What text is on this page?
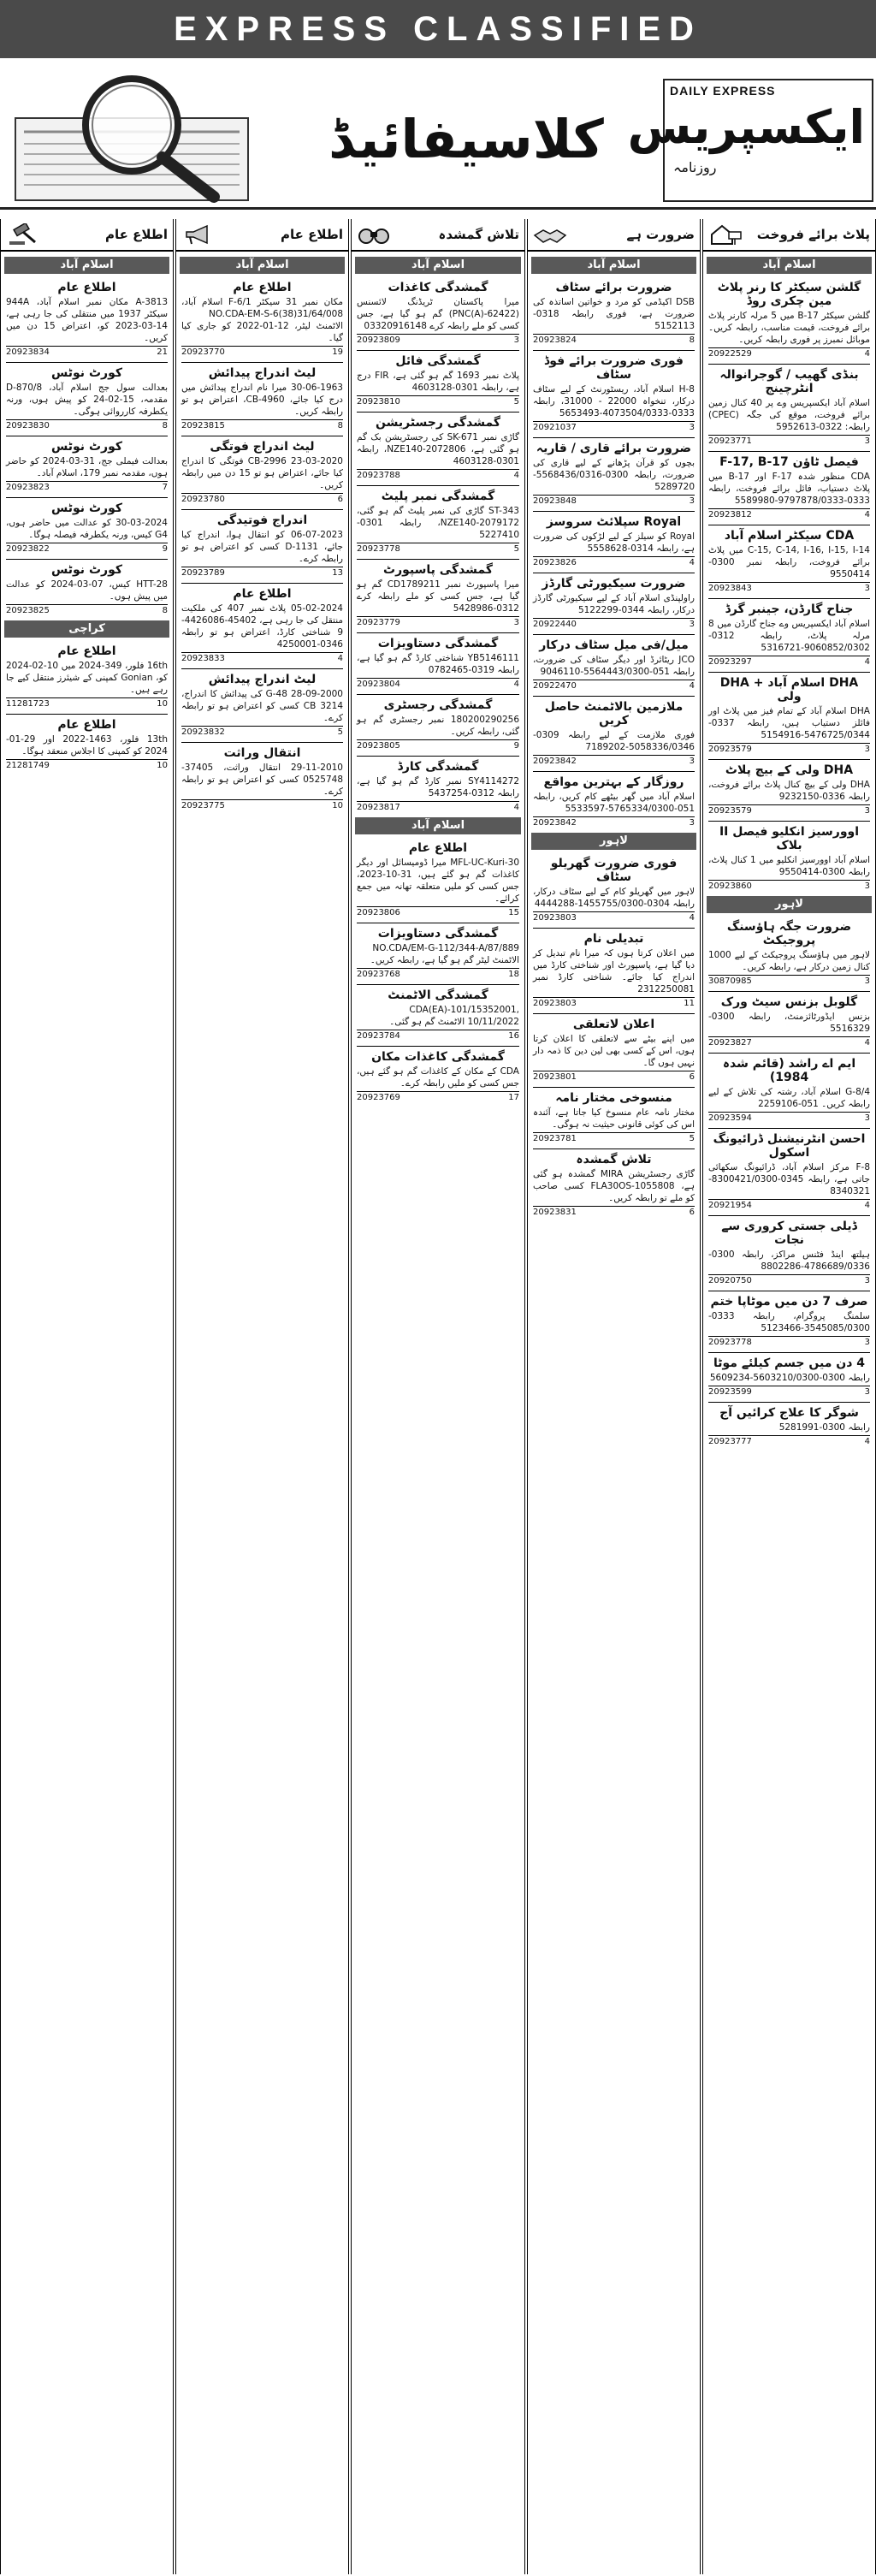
EXPRESS CLASSIFIED
کلاسیفائیڈ
DAILY EXPRESS
ایکسپریس
روزنامہ
اطلاع عام
اسلام آباد
اطلاع عام
A-3813 مکان نمبر اسلام آباد، 944A سیکٹر 1937 میں منتقلی کی جا رہی ہے، 14-03-2023 کو، اعتراض 15 دن میں کریں۔
20923834	21
کورٹ نوٹس
بعدالت سول جج اسلام آباد، D-870/8 مقدمہ، 15-02-24 کو پیش ہوں، ورنہ یکطرفہ کارروائی ہوگی۔
20923830	8
کورٹ نوٹس
بعدالت فیملی جج، 31-03-2024 کو حاضر ہوں، مقدمہ نمبر 179، اسلام آباد۔
20923823	7
کورٹ نوٹس
30-03-2024 کو عدالت میں حاضر ہوں، G4 کیس، ورنہ یکطرفہ فیصلہ ہوگا۔
20923822	9
کورٹ نوٹس
HTT-28 کیس، 07-03-2024 کو عدالت میں پیش ہوں۔
20923825	8
کراچی
اطلاع عام
16th فلور، 349-2024 میں 10-02-2024 کو، Gonian کمپنی کے شیئرز منتقل کیے جا رہے ہیں۔
11281723	10
اطلاع عام
13th فلور، 1463-2022 اور 29-01-2024 کو کمپنی کا اجلاس منعقد ہوگا۔
21281749	10
اطلاع عام
اسلام آباد
اطلاع عام
مکان نمبر 31 سیکٹر F-6/1 اسلام آباد، NO.CDA-EM-S-6(38)31/64/008 الاٹمنٹ لیٹر، 12-01-2022 کو جاری کیا گیا۔
20923770	19
لیٹ اندراج پیدائش
30-06-1963 میرا نام اندراج پیدائش میں درج کیا جائے، CB-4960، اعتراض ہو تو رابطہ کریں۔
20923815	8
لیٹ اندراج فوتگی
23-03-2020 CB-2996 فوتگی کا اندراج کیا جائے، اعتراض ہو تو 15 دن میں رابطہ کریں۔
20923780	6
اندراج فوتیدگی
06-07-2023 کو انتقال ہوا، اندراج کیا جائے، D-1131 کسی کو اعتراض ہو تو رابطہ کرے۔
20923789	13
اطلاع عام
05-02-2024 پلاٹ نمبر 407 کی ملکیت منتقل کی جا رہی ہے، 45402-4426086-9 شناختی کارڈ، اعتراض ہو تو رابطہ 0346-4250001
20923833	4
لیٹ اندراج پیدائش
28-09-2000 G-48 کی پیدائش کا اندراج، CB 3214 کسی کو اعتراض ہو تو رابطہ کرے۔
20923832	5
انتقال وراثت
29-11-2010 انتقال وراثت، 37405-0525748 کسی کو اعتراض ہو تو رابطہ کرے۔
20923775	10
تلاش گمشدہ
اسلام آباد
گمشدگی کاغذات
میرا پاکستان ٹریڈنگ لائسنس (PNC(A)-62422) گم ہو گیا ہے، جس کسی کو ملے رابطہ کرے 03320916148
20923809	3
گمشدگی فائل
پلاٹ نمبر 1693 گم ہو گئی ہے، FIR درج ہے، رابطہ 0301-4603128
20923810	5
گمشدگی رجسٹریشن
گاڑی نمبر SK-671 کی رجسٹریشن بک گم ہو گئی ہے، NZE140-2072806، رابطہ 0301-4603128
20923788	4
گمشدگی نمبر پلیٹ
ST-343 گاڑی کی نمبر پلیٹ گم ہو گئی، NZE140-2079172، رابطہ 0301-5227410
20923778	5
گمشدگی پاسپورٹ
میرا پاسپورٹ نمبر CD1789211 گم ہو گیا ہے، جس کسی کو ملے رابطہ کرے 0312-5428986
20923779	3
گمشدگی دستاویزات
YB5146111 شناختی کارڈ گم ہو گیا ہے، رابطہ 0319-0782465
20923804	4
گمشدگی رجسٹری
180200290256 نمبر رجسٹری گم ہو گئی، رابطہ کریں۔
20923805	9
گمشدگی کارڈ
SY4114272 نمبر کارڈ گم ہو گیا ہے، رابطہ 0312-5437254
20923817	4
اسلام آباد
اطلاع عام
MFL-UC-Kuri-30 میرا ڈومیسائل اور دیگر کاغذات گم ہو گئے ہیں، 31-10-2023، جس کسی کو ملیں متعلقہ تھانہ میں جمع کرائے۔
20923806	15
گمشدگی دستاویزات
NO.CDA/EM-G-112/344-A/87/889 الاٹمنٹ لیٹر گم ہو گیا ہے، رابطہ کریں۔
20923768	18
گمشدگی الاٹمنٹ
CDA(EA)-101/15352001, 10/11/2022 الاٹمنٹ گم ہو گئی۔
20923784	16
گمشدگی کاغذات مکان
CDA کے مکان کے کاغذات گم ہو گئے ہیں، جس کسی کو ملیں رابطہ کرے۔
20923769	17
ضرورت ہے
اسلام آباد
ضرورت برائے سٹاف
DSB اکیڈمی کو مرد و خواتین اساتذہ کی ضرورت ہے، فوری رابطہ 0318-5152113
20923824	8
فوری ضرورت برائے فوڈ سٹاف
H-8 اسلام آباد، ریسٹورنٹ کے لیے سٹاف درکار، تنخواہ 22000 - 31000، رابطہ 0333-4073504/0333-5653493
20921037	3
ضرورت برائے قاری / قاریہ
بچوں کو قرآن پڑھانے کے لیے قاری کی ضرورت، رابطہ 0300-5568436/0316-5289720
20923848	3
Royal سپلائٹ سروسز
Royal کو سیلز کے لیے لڑکوں کی ضرورت ہے، رابطہ 0314-5558628
20923826	4
ضرورت سیکیورٹی گارڈز
راولپنڈی اسلام آباد کے لیے سیکیورٹی گارڈز درکار، رابطہ 0344-5122299
20922440	3
میل/فی میل سٹاف درکار
JCO ریٹائرڈ اور دیگر سٹاف کی ضرورت، رابطہ 051-5564443/0300-9046110
20922470	4
ملازمین بالاٹمنٹ حاصل کریں
فوری ملازمت کے لیے رابطہ 0309-5058336/0346-7189202
20923842	3
روزگار کے بہترین مواقع
اسلام آباد میں گھر بیٹھے کام کریں، رابطہ 051-5765334/0300-5533597
20923842	3
لاہور
فوری ضرورت گھریلو سٹاف
لاہور میں گھریلو کام کے لیے سٹاف درکار، رابطہ 0304-1455755/0300-4444288
20923803	4
تبدیلی نام
میں اعلان کرتا ہوں کہ میرا نام تبدیل کر دیا گیا ہے، پاسپورٹ اور شناختی کارڈ میں اندراج کیا جائے۔ شناختی کارڈ نمبر 2312250081
20923803	11
اعلان لاتعلقی
میں اپنے بیٹے سے لاتعلقی کا اعلان کرتا ہوں، اس کے کسی بھی لین دین کا ذمہ دار نہیں ہوں گا۔
20923801	6
منسوخی مختار نامہ
مختار نامہ عام منسوخ کیا جاتا ہے، آئندہ اس کی کوئی قانونی حیثیت نہ ہوگی۔
20923781	5
تلاش گمشدہ
گاڑی رجسٹریشن MIRA گمشدہ ہو گئی ہے، FLA30OS-1055808 کسی صاحب کو ملے تو رابطہ کریں۔
20923831	6
پلاٹ برائے فروخت
اسلام آباد
گلشن سیکٹر کا رنر پلاٹ مین چکری روڈ
گلشن سیکٹر B-17 میں 5 مرلہ کارنر پلاٹ برائے فروخت، قیمت مناسب، رابطہ کریں۔ موبائل نمبرز پر فوری رابطہ کریں۔
20922529	4
بنڈی گھیب / گوجرانوالہ انٹرچینج
اسلام آباد ایکسپریس وے پر 40 کنال زمین برائے فروخت، موقع کی جگہ (CPEC) رابطہ: 0322-5952613
20923771	3
فیصل ٹاؤن F-17, B-17
CDA منظور شدہ F-17 اور B-17 میں پلاٹ دستیاب، فائل برائے فروخت، رابطہ 0333-9797878/0333-5589980
20923812	4
CDA سیکٹر اسلام آباد
C-15, C-14, I-16, I-15, I-14 میں پلاٹ برائے فروخت، رابطہ نمبر 0300-9550414
20923843	3
جناح گارڈن، جینبر گرڈ
اسلام آباد ایکسپریس وے جناح گارڈن میں 8 مرلہ پلاٹ، رابطہ 0312-9060852/0302-5316721
20923297	4
DHA اسلام آباد + DHA ولی
DHA اسلام آباد کے تمام فیز میں پلاٹ اور فائلز دستیاب ہیں، رابطہ 0337-5476725/0344-5154916
20923579	3
DHA ولی کے بیچ پلاٹ
DHA ولی کے بیچ کنال پلاٹ برائے فروخت، رابطہ 0336-9232150
20923579	3
اوورسیز انکلیو فیصل II بلاک
اسلام آباد اوورسیز انکلیو میں 1 کنال پلاٹ، رابطہ 0300-9550414
20923860	3
لاہور
ضرورت جگہ ہاؤسنگ پروجیکٹ
لاہور میں ہاؤسنگ پروجیکٹ کے لیے 1000 کنال زمین درکار ہے، رابطہ کریں۔
30870985	3
گلوبل بزنس سیٹ ورک
بزنس ایڈورٹائزمنٹ، رابطہ 0300-5516329
20923827	4
ایم اے راشد (قائم شدہ 1984)
G-8/4 اسلام آباد، رشتہ کی تلاش کے لیے رابطہ کریں۔ 051-2259106
20923594	3
احسن انٹرنیشنل ڈرائیونگ اسکول
F-8 مرکز اسلام آباد، ڈرائیونگ سکھائی جاتی ہے، رابطہ 0345-8300421/0300-8340321
20921954	4
ڈیلی جستی کروری سے نجات
ہیلتھ اینڈ فٹنس مراکز، رابطہ 0300-4786689/0336-8802286
20920750	3
صرف 7 دن میں موٹاپا ختم
سلمنگ پروگرام، رابطہ 0333-3545085/0300-5123466
20923778	3
4 دن میں جسم کیلئے موٹا
رابطہ 0300-5603210/0300-5609234
20923599	3
شوگر کا علاج کرائیں آج
رابطہ 0300-5281991
20923777	4
